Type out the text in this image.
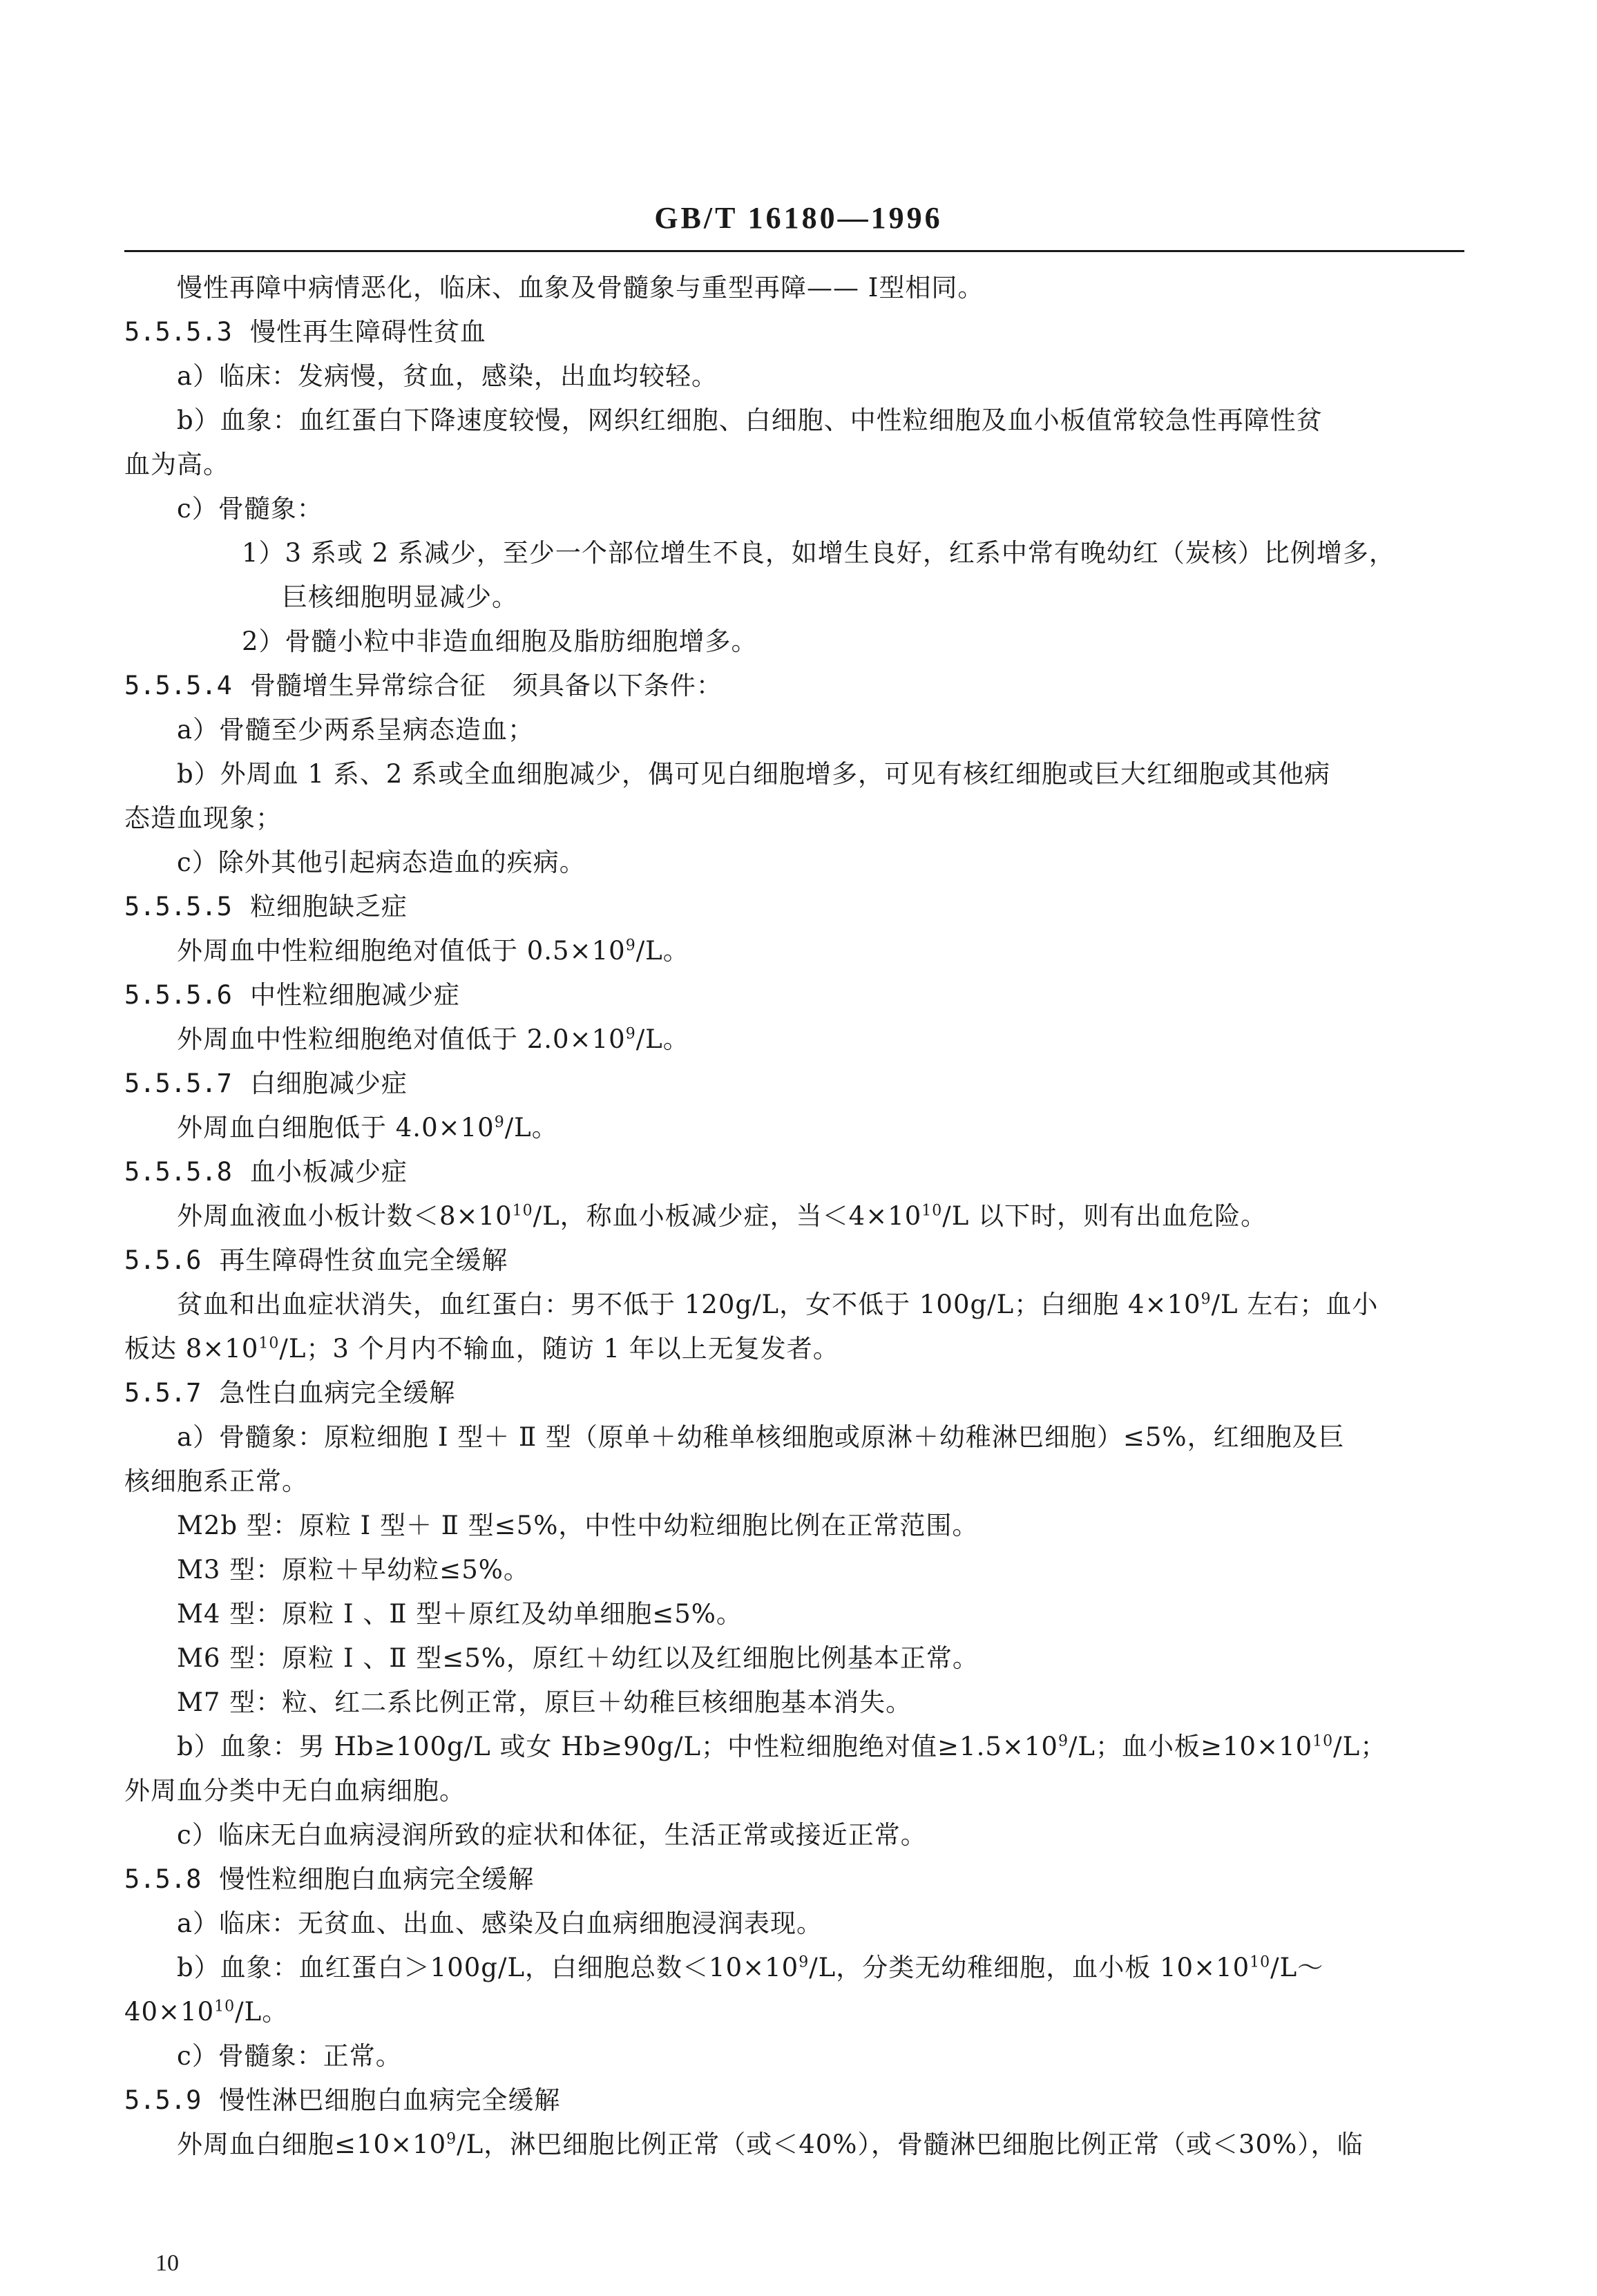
GB/T 16180—1996
慢性再障中病情恶化，临床、血象及骨髓象与重型再障—— Ⅰ型相同。
5.5.5.3 慢性再生障碍性贫血
a）临床：发病慢，贫血，感染，出血均较轻。
b）血象：血红蛋白下降速度较慢，网织红细胞、白细胞、中性粒细胞及血小板值常较急性再障性贫
血为高。
c）骨髓象：
1）3 系或 2 系减少，至少一个部位增生不良，如增生良好，红系中常有晚幼红（炭核）比例增多，
巨核细胞明显减少。
2）骨髓小粒中非造血细胞及脂肪细胞增多。
5.5.5.4 骨髓增生异常综合征　须具备以下条件：
a）骨髓至少两系呈病态造血；
b）外周血 1 系、2 系或全血细胞减少，偶可见白细胞增多，可见有核红细胞或巨大红细胞或其他病
态造血现象；
c）除外其他引起病态造血的疾病。
5.5.5.5 粒细胞缺乏症
外周血中性粒细胞绝对值低于 $0.5\times 10^9/L$。
5.5.5.6 中性粒细胞减少症
外周血中性粒细胞绝对值低于 $2.0\times 10^9/L$。
5.5.5.7 白细胞减少症
外周血白细胞低于 $4.0\times 10^9/L$。
5.5.5.8 血小板减少症
外周血液血小板计数$<8\times 10^{10}/L$，称血小板减少症，当$<4\times 10^{10}/L$ 以下时，则有出血危险。
5.5.6 再生障碍性贫血完全缓解
贫血和出血症状消失，血红蛋白：男不低于 120g/L，女不低于 100g/L；白细胞 $4\times 10^9/L$ 左右；血小
板达 $8\times 10^{10}/L$；3 个月内不输血，随访 1 年以上无复发者。
5.5.7 急性白血病完全缓解
a）骨髓象：原粒细胞 Ⅰ 型＋ Ⅱ 型（原单＋幼稚单核细胞或原淋＋幼稚淋巴细胞）≤5%，红细胞及巨
核细胞系正常。
M2b 型：原粒 Ⅰ 型＋ Ⅱ 型≤5%，中性中幼粒细胞比例在正常范围。
M3 型：原粒＋早幼粒≤5%。
M4 型：原粒 Ⅰ 、Ⅱ 型＋原红及幼单细胞≤5%。
M6 型：原粒 Ⅰ 、Ⅱ 型≤5%，原红＋幼红以及红细胞比例基本正常。
M7 型：粒、红二系比例正常，原巨＋幼稚巨核细胞基本消失。
b）血象：男 Hb≥100g/L 或女 Hb≥90g/L；中性粒细胞绝对值$\ge 1.5\times 10^9/L$；血小板$\ge 10\times 10^{10}/L$；
外周血分类中无白血病细胞。
c）临床无白血病浸润所致的症状和体征，生活正常或接近正常。
5.5.8 慢性粒细胞白血病完全缓解
a）临床：无贫血、出血、感染及白血病细胞浸润表现。
b）血象：血红蛋白＞100g/L，白细胞总数$<10\times 10^9/L$，分类无幼稚细胞，血小板 $10\times 10^{10}/L\sim$
$40\times 10^{10}/L$。
c）骨髓象：正常。
5.5.9 慢性淋巴细胞白血病完全缓解
外周血白细胞$\le 10\times 10^9/L$，淋巴细胞比例正常（或＜40%），骨髓淋巴细胞比例正常（或＜30%），临
10
